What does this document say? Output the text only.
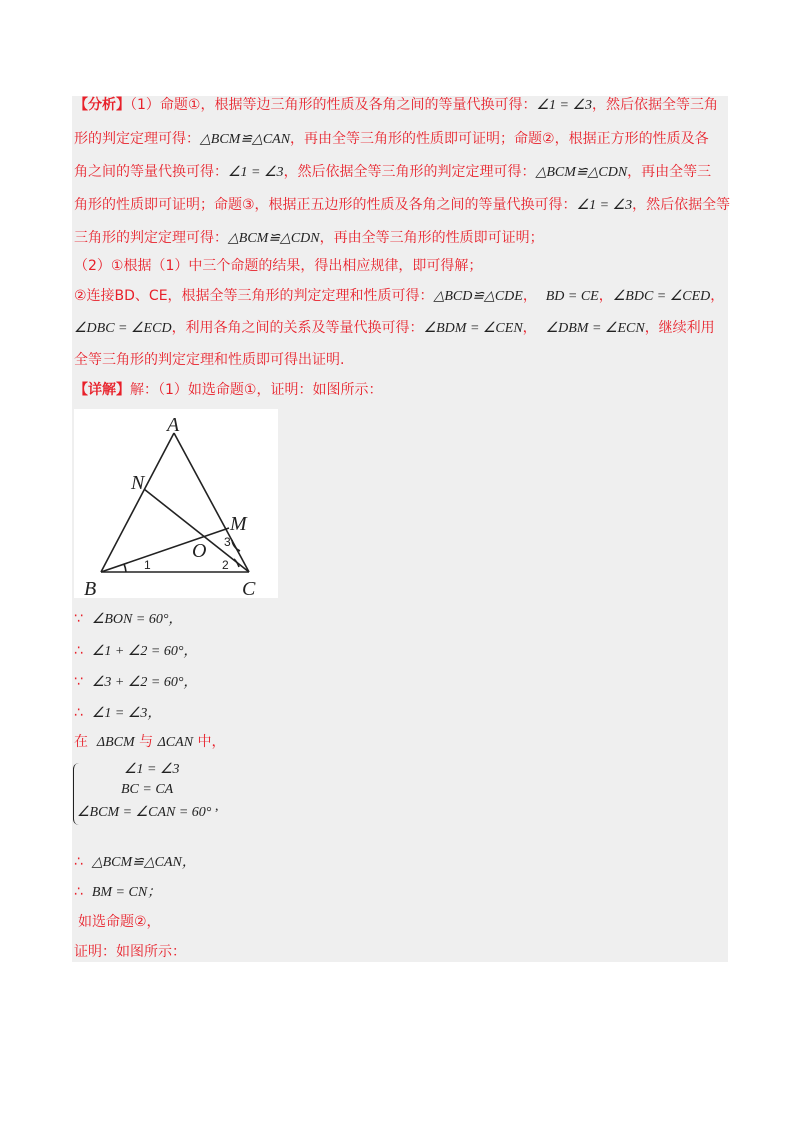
【分析】（1）命题①，根据等边三角形的性质及各角之间的等量代换可得：∠1 = ∠3，然后依据全等三角
形的判定定理可得：△BCM≌△CAN，再由全等三角形的性质即可证明；命题②，根据正方形的性质及各
角之间的等量代换可得：∠1 = ∠3，然后依据全等三角形的判定定理可得：△BCM≌△CDN，再由全等三
角形的性质即可证明；命题③，根据正五边形的性质及各角之间的等量代换可得：∠1 = ∠3，然后依据全等
三角形的判定定理可得：△BCM≌△CDN，再由全等三角形的性质即可证明；
（2）①根据（1）中三个命题的结果，得出相应规律，即可得解；
②连接BD、CE，根据全等三角形的判定定理和性质可得：△BCD≌△CDE，  BD = CE，∠BDC = ∠CED，
∠DBC = ∠ECD，利用各角之间的关系及等量代换可得：∠BDM = ∠CEN，  ∠DBM = ∠ECN，继续利用
全等三角形的判定定理和性质即可得出证明.
【详解】解：（1）如选命题①，证明：如图所示：
A
N
M
O
B	C
1	2
3
∵ ∠BON = 60°，
∴ ∠1 + ∠2 = 60°，
∵ ∠3 + ∠2 = 60°，
∴ ∠1 = ∠3，
在 ΔBCM 与 ΔCAN 中，
∠1 = ∠3
BC = CA
∠BCM = ∠CAN = 60° ,
∴ △BCM≌△CAN，
∴ BM = CN；
如选命题②，
证明：如图所示：
